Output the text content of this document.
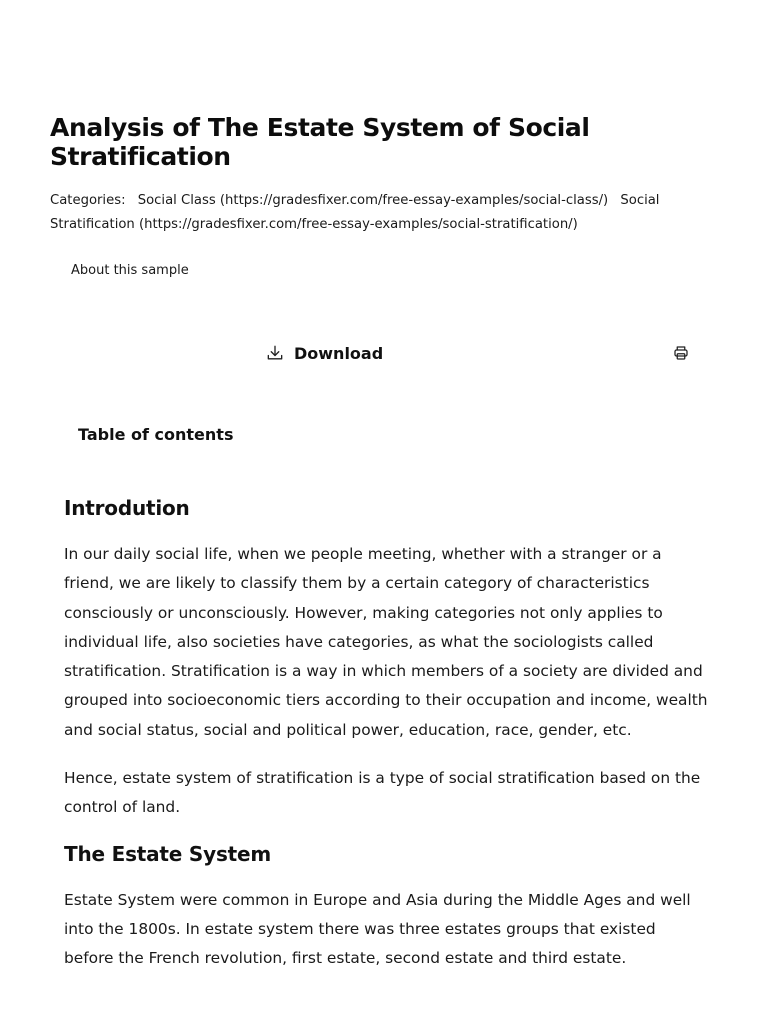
Analysis of The Estate System of Social Stratification
Categories: Social Class (https://gradesfixer.com/free-essay-examples/social-class/) Social Stratification (https://gradesfixer.com/free-essay-examples/social-stratification/)
About this sample
Download
Table of contents
Introdution

In our daily social life, when we people meeting, whether with a stranger or a friend, we are likely to classify them by a certain category of characteristics consciously or unconsciously. However, making categories not only applies to individual life, also societies have categories, as what the sociologists called stratification. Stratification is a way in which members of a society are divided and grouped into socioeconomic tiers according to their occupation and income, wealth and social status, social and political power, education, race, gender, etc.

Hence, estate system of stratification is a type of social stratification based on the control of land.

The Estate System

Estate System were common in Europe and Asia during the Middle Ages and well into the 1800s. In estate system there was three estates groups that existed before the French revolution, first estate, second estate and third estate.
